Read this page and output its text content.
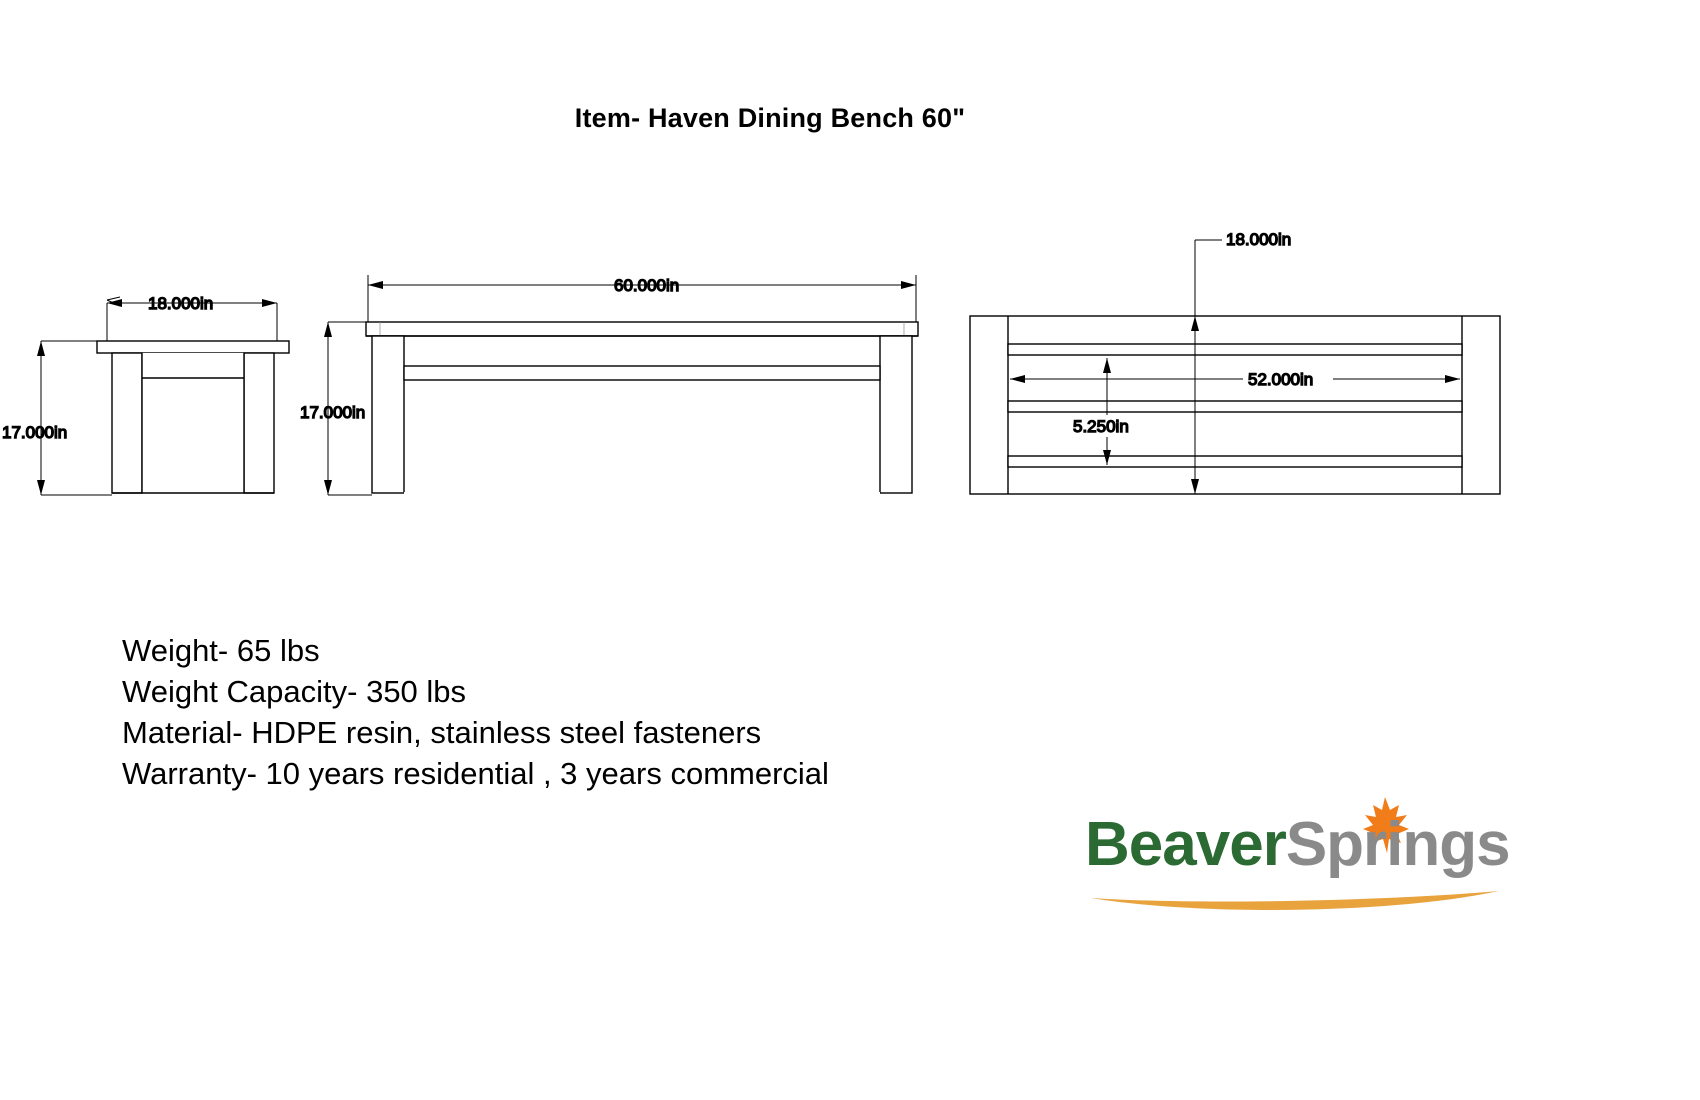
Item- Haven Dining Bench 60"
18.000in
17.000in
60.000in
17.000in
18.000in
52.000in
5.250in
Weight- 65 lbs
Weight Capacity- 350 lbs
Material- HDPE resin, stainless steel fasteners
Warranty- 10 years residential , 3 years commercial
BeaverSprings
